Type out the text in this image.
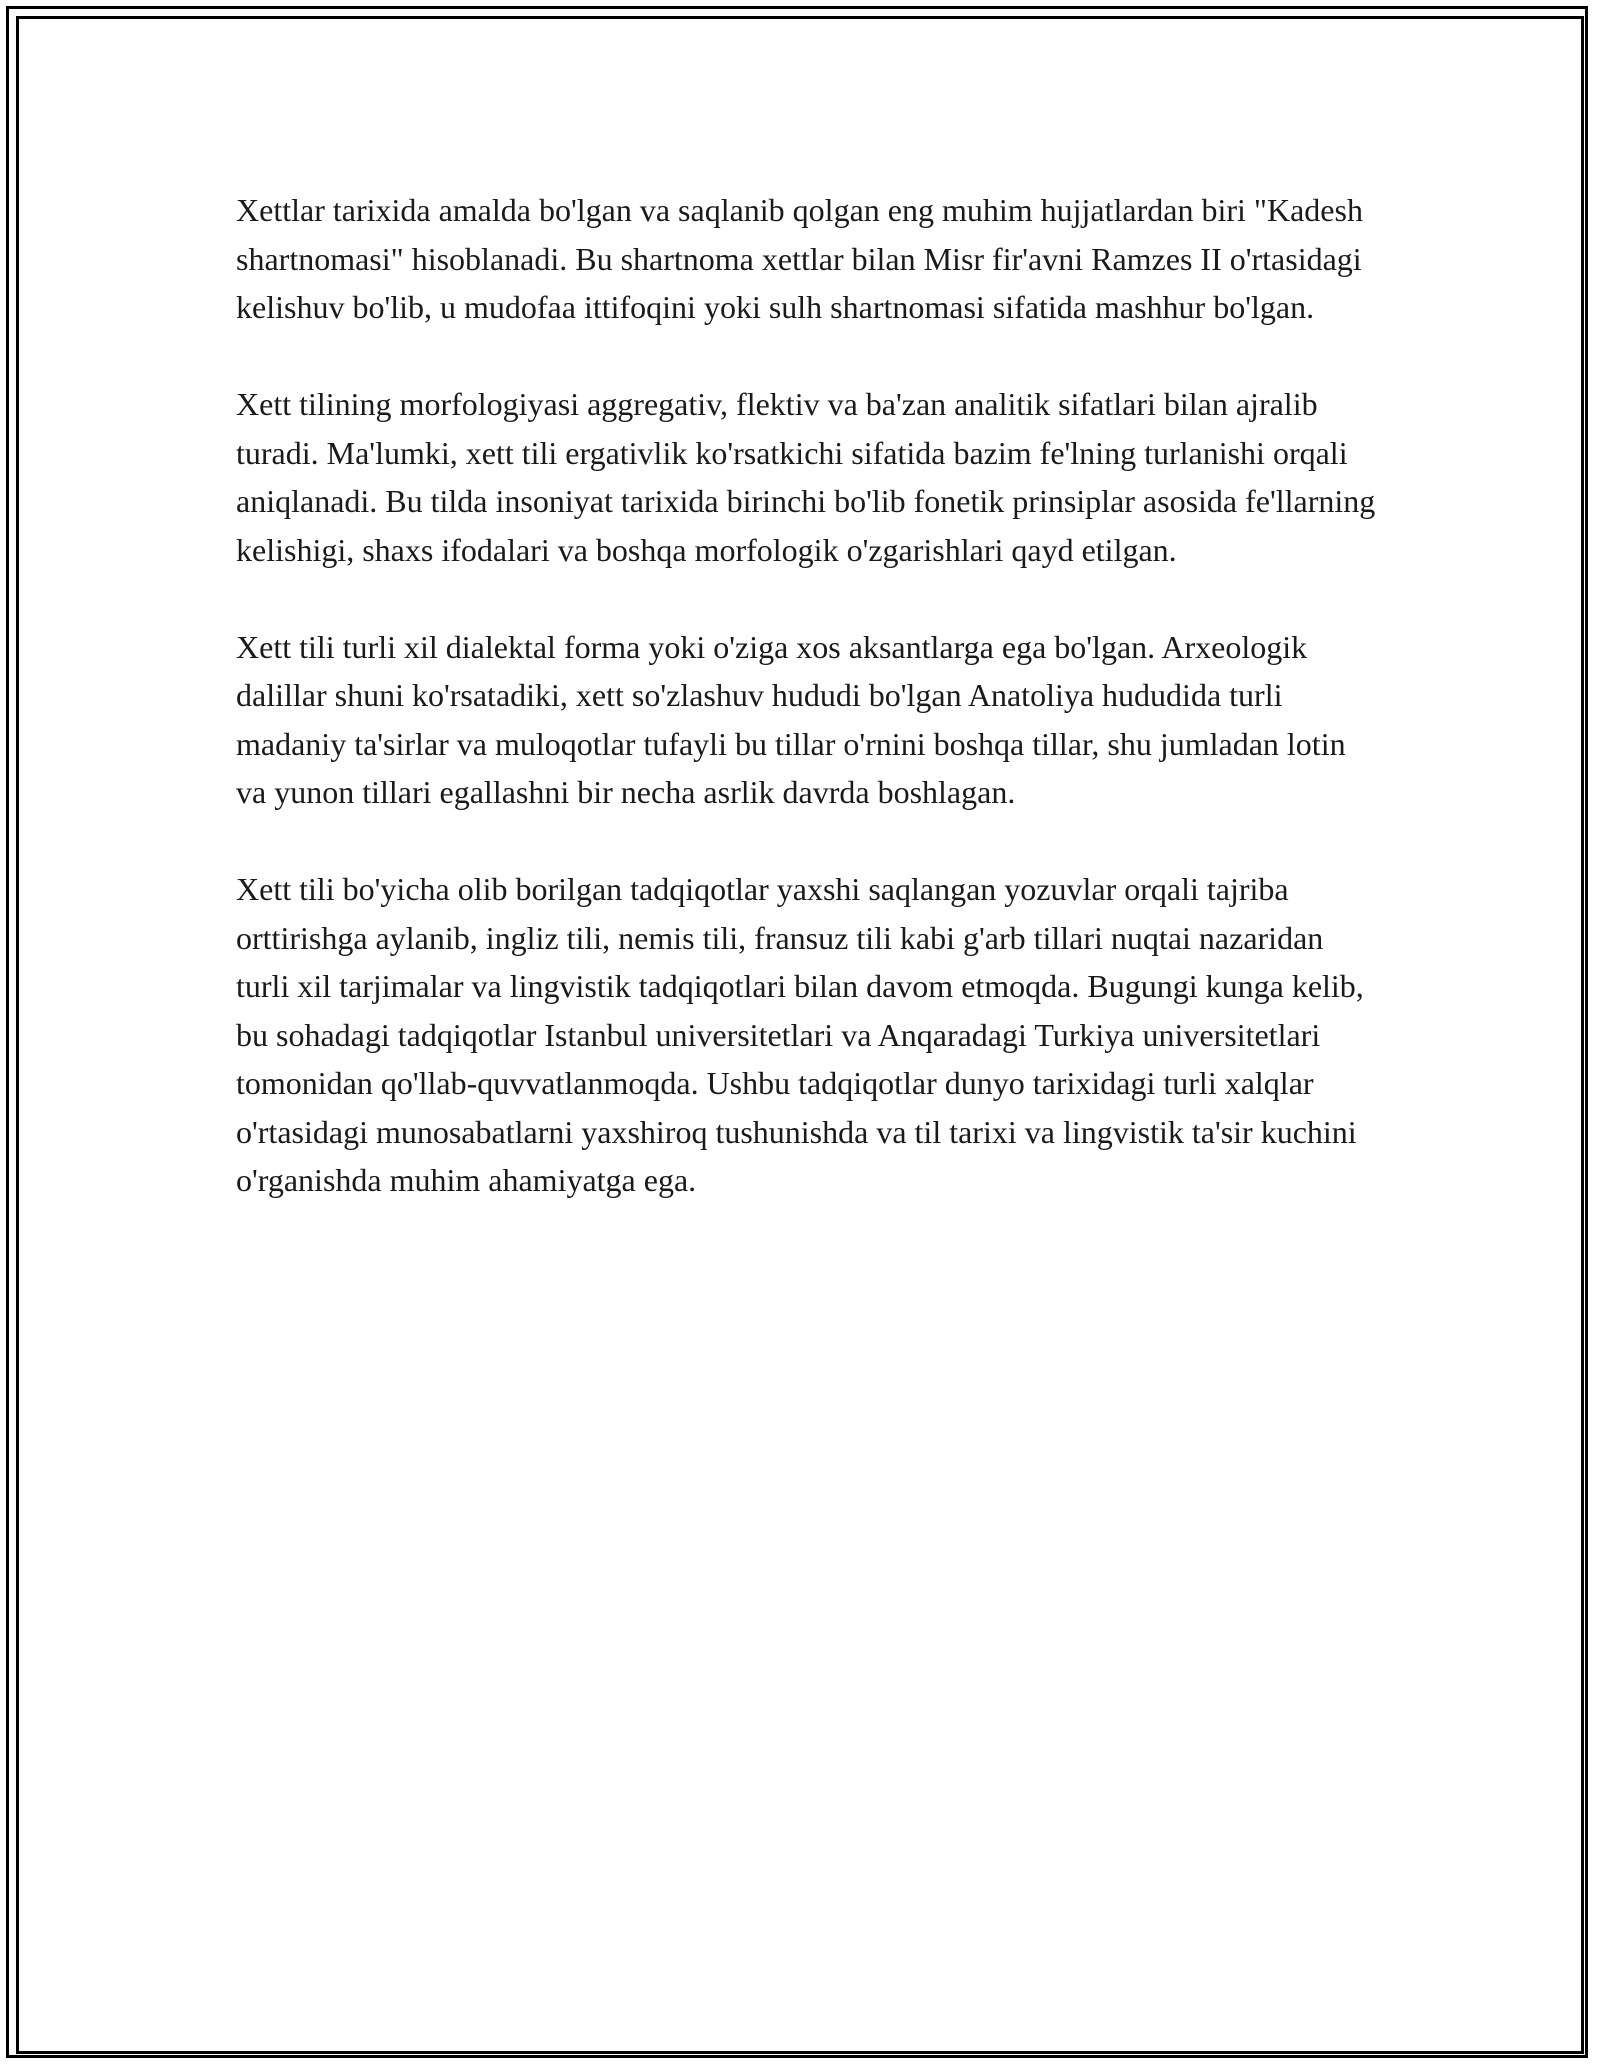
Xettlar tarixida amalda bo'lgan va saqlanib qolgan eng muhim hujjatlardan biri "Kadesh shartnomasi" hisoblanadi. Bu shartnoma xettlar bilan Misr fir'avni Ramzes II o'rtasidagi kelishuv bo'lib, u mudofaa ittifoqini yoki sulh shartnomasi sifatida mashhur bo'lgan.

Xett tilining morfologiyasi aggregativ, flektiv va ba'zan analitik sifatlari bilan ajralib turadi. Ma'lumki, xett tili ergativlik ko'rsatkichi sifatida bazim fe'lning turlanishi orqali aniqlanadi. Bu tilda insoniyat tarixida birinchi bo'lib fonetik prinsiplar asosida fe'llarning kelishigi, shaxs ifodalari va boshqa morfologik o'zgarishlari qayd etilgan.

Xett tili turli xil dialektal forma yoki o'ziga xos aksantlarga ega bo'lgan. Arxeologik dalillar shuni ko'rsatadiki, xett so'zlashuv hududi bo'lgan Anatoliya hududida turli madaniy ta'sirlar va muloqotlar tufayli bu tillar o'rnini boshqa tillar, shu jumladan lotin va yunon tillari egallashni bir necha asrlik davrda boshlagan.

Xett tili bo'yicha olib borilgan tadqiqotlar yaxshi saqlangan yozuvlar orqali tajriba orttirishga aylanib, ingliz tili, nemis tili, fransuz tili kabi g'arb tillari nuqtai nazaridan turli xil tarjimalar va lingvistik tadqiqotlari bilan davom etmoqda. Bugungi kunga kelib, bu sohadagi tadqiqotlar Istanbul universitetlari va Anqaradagi Turkiya universitetlari tomonidan qo'llab-quvvatlanmoqda. Ushbu tadqiqotlar dunyo tarixidagi turli xalqlar o'rtasidagi munosabatlarni yaxshiroq tushunishda va til tarixi va lingvistik ta'sir kuchini o'rganishda muhim ahamiyatga ega.
